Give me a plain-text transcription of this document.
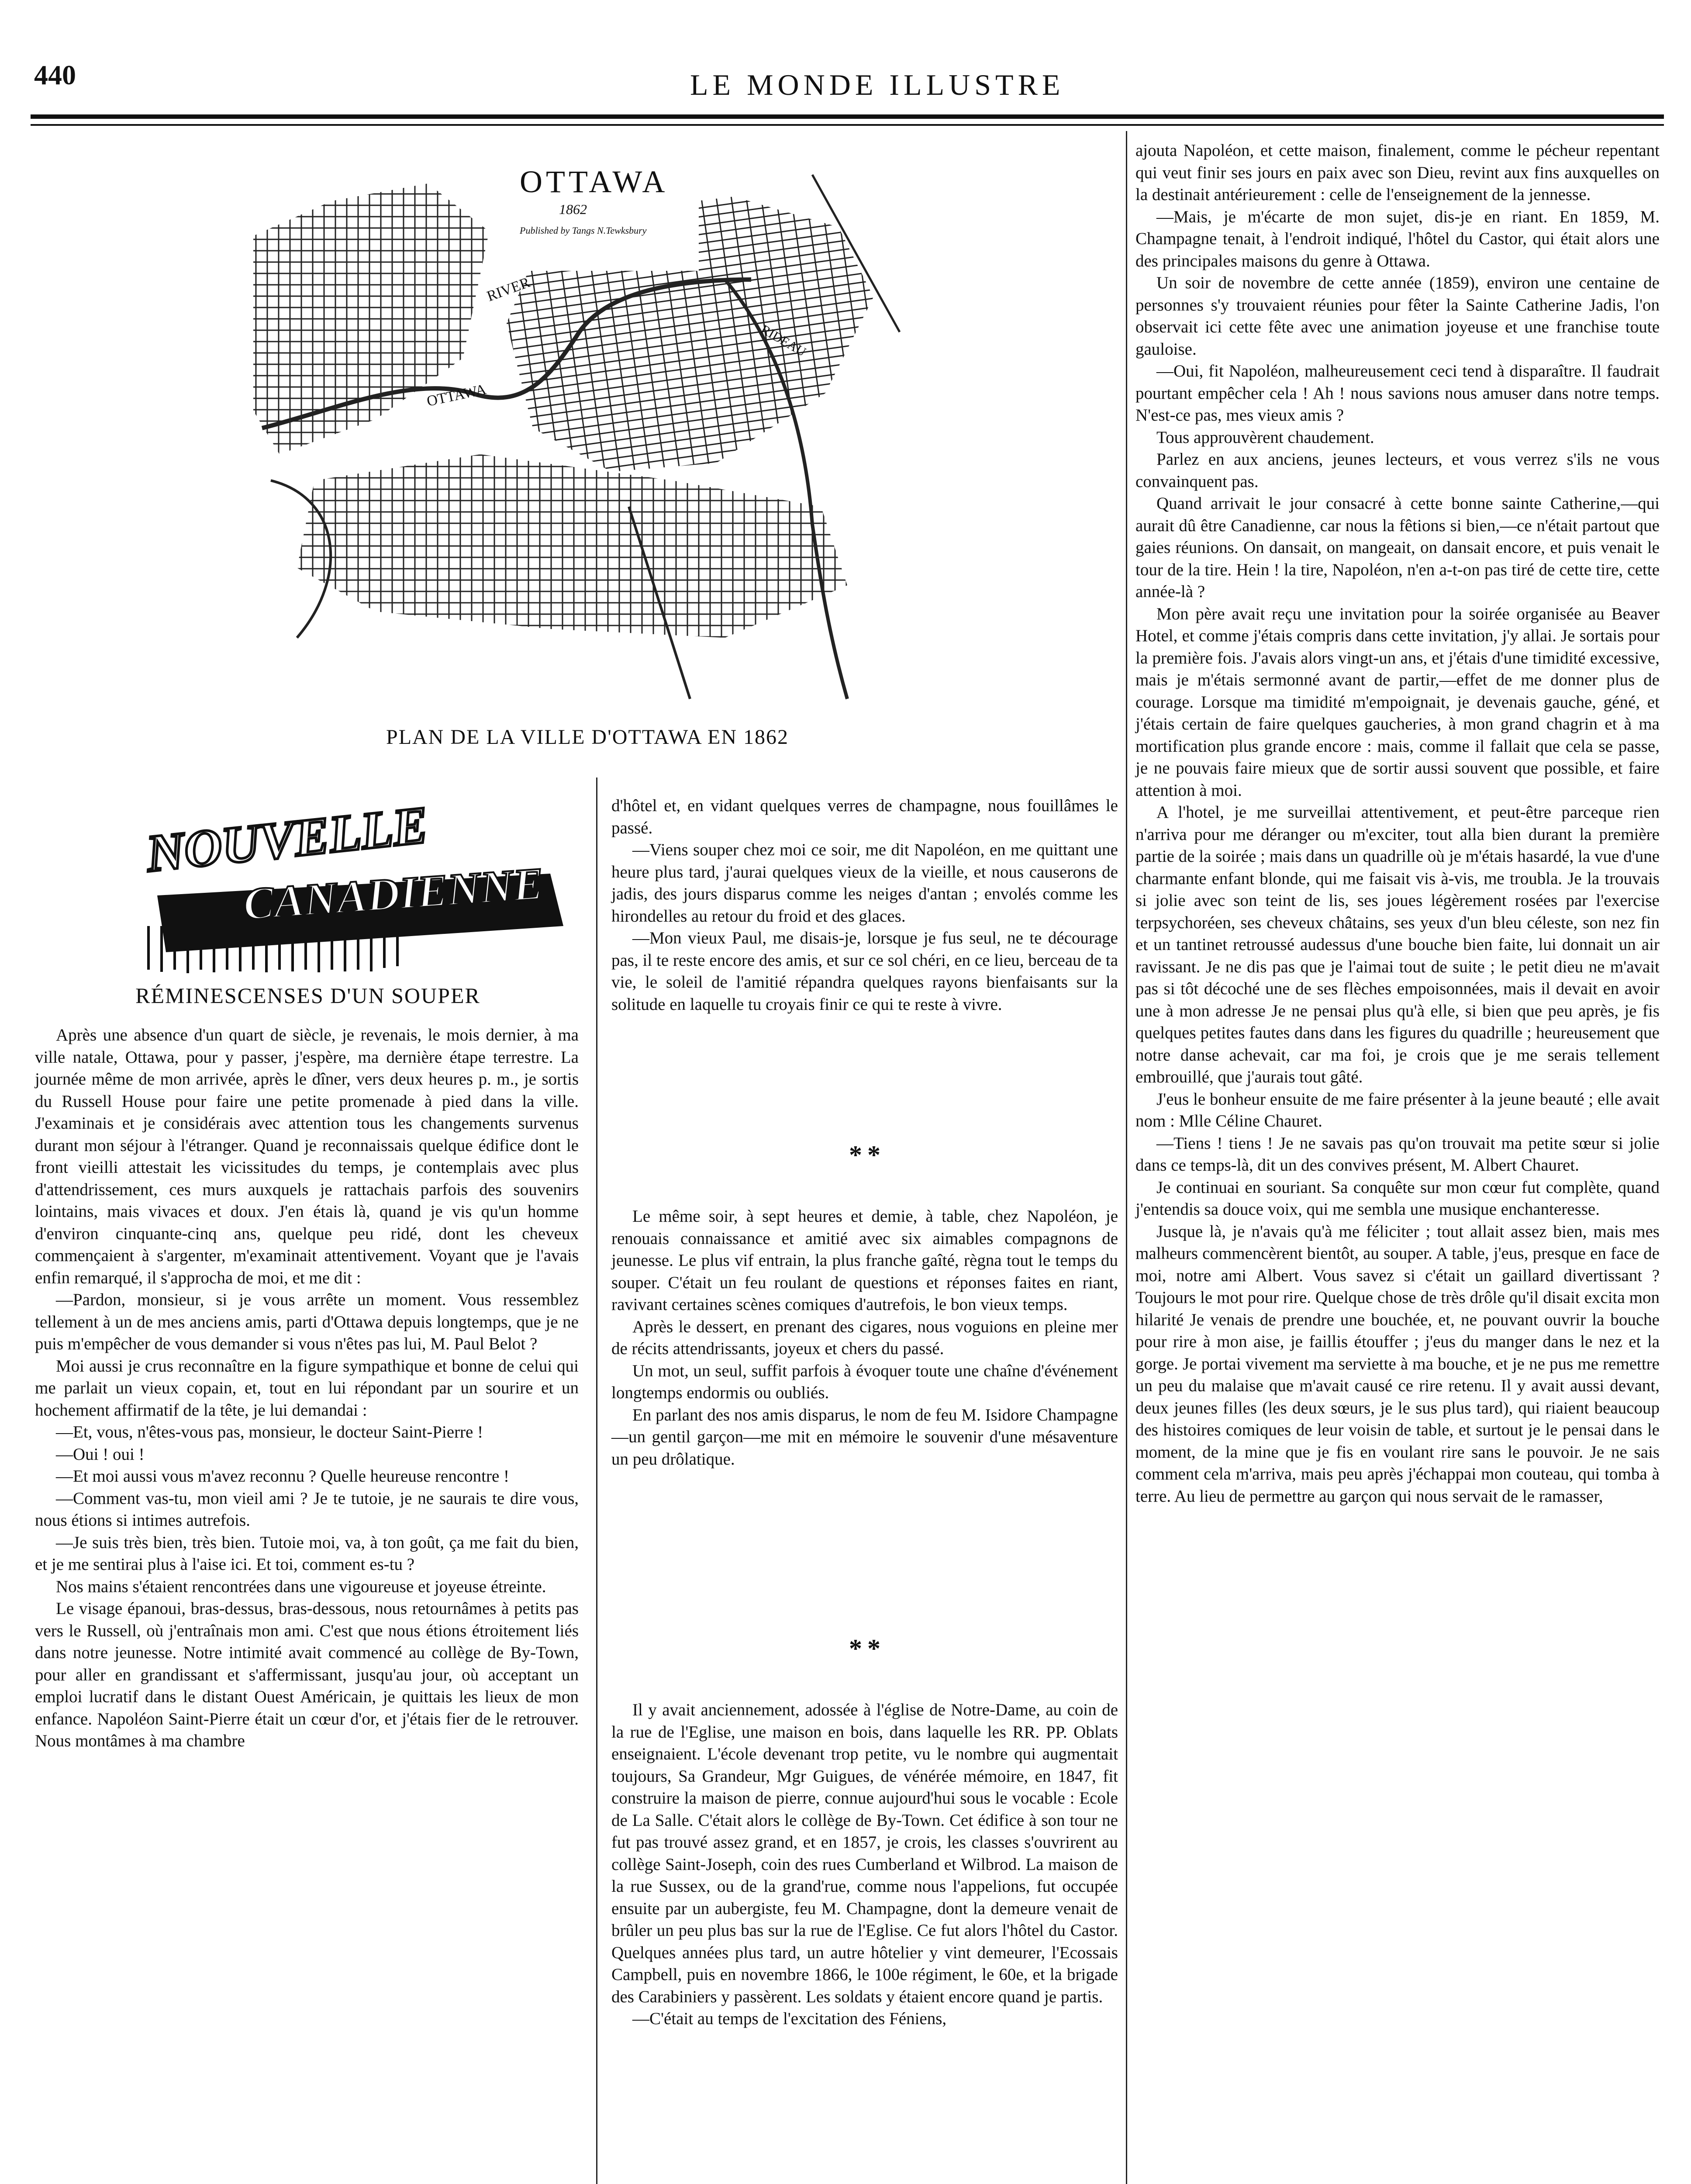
440	LE MONDE ILLUSTRE
OTTAWA
1862
Published by Tangs N.Tewksbury
RIVER
OTTAWA
RIDEAU
PLAN DE LA VILLE D'OTTAWA EN 1862
NOUVELLE
CANADIENNE
RÉMINESCENSES D'UN SOUPER

Après une absence d'un quart de siècle, je revenais, le mois dernier, à ma ville natale, Ottawa, pour y passer, j'espère, ma dernière étape terrestre. La journée même de mon arrivée, après le dîner, vers deux heures p. m., je sortis du Russell House pour faire une petite promenade à pied dans la ville. J'examinais et je considérais avec attention tous les changements survenus durant mon séjour à l'étranger. Quand je reconnaissais quelque édifice dont le front vieilli attestait les vicissitudes du temps, je contemplais avec plus d'attendrissement, ces murs auxquels je rattachais parfois des souvenirs lointains, mais vivaces et doux. J'en étais là, quand je vis qu'un homme d'environ cinquante-cinq ans, quelque peu ridé, dont les cheveux commençaient à s'argenter, m'examinait attentivement. Voyant que je l'avais enfin remarqué, il s'approcha de moi, et me dit :

—Pardon, monsieur, si je vous arrête un moment. Vous ressemblez tellement à un de mes anciens amis, parti d'Ottawa depuis longtemps, que je ne puis m'empêcher de vous demander si vous n'êtes pas lui, M. Paul Belot ?

Moi aussi je crus reconnaître en la figure sympathique et bonne de celui qui me parlait un vieux copain, et, tout en lui répondant par un sourire et un hochement affirmatif de la tête, je lui demandai :

—Et, vous, n'êtes-vous pas, monsieur, le docteur Saint-Pierre !

—Oui ! oui !

—Et moi aussi vous m'avez reconnu ? Quelle heureuse rencontre !

—Comment vas-tu, mon vieil ami ? Je te tutoie, je ne saurais te dire vous, nous étions si intimes autrefois.

—Je suis très bien, très bien. Tutoie moi, va, à ton goût, ça me fait du bien, et je me sentirai plus à l'aise ici. Et toi, comment es-tu ?

Nos mains s'étaient rencontrées dans une vigoureuse et joyeuse étreinte.

Le visage épanoui, bras-dessus, bras-dessous, nous retournâmes à petits pas vers le Russell, où j'entraînais mon ami. C'est que nous étions étroitement liés dans notre jeunesse. Notre intimité avait commencé au collège de By-Town, pour aller en grandissant et s'affermissant, jusqu'au jour, où acceptant un emploi lucratif dans le distant Ouest Américain, je quittais les lieux de mon enfance. Napoléon Saint-Pierre était un cœur d'or, et j'étais fier de le retrouver. Nous montâmes à ma chambre

d'hôtel et, en vidant quelques verres de champagne, nous fouillâmes le passé.

—Viens souper chez moi ce soir, me dit Napoléon, en me quittant une heure plus tard, j'aurai quelques vieux de la vieille, et nous causerons de jadis, des jours disparus comme les neiges d'antan ; envolés comme les hirondelles au retour du froid et des glaces.

—Mon vieux Paul, me disais-je, lorsque je fus seul, ne te décourage pas, il te reste encore des amis, et sur ce sol chéri, en ce lieu, berceau de ta vie, le soleil de l'amitié répandra quelques rayons bienfaisants sur la solitude en laquelle tu croyais finir ce qui te reste à vivre.

* *

Le même soir, à sept heures et demie, à table, chez Napoléon, je renouais connaissance et amitié avec six aimables compagnons de jeunesse. Le plus vif entrain, la plus franche gaîté, règna tout le temps du souper. C'était un feu roulant de questions et réponses faites en riant, ravivant certaines scènes comiques d'autrefois, le bon vieux temps.

Après le dessert, en prenant des cigares, nous voguions en pleine mer de récits attendrissants, joyeux et chers du passé.

Un mot, un seul, suffit parfois à évoquer toute une chaîne d'événement longtemps endormis ou oubliés.

En parlant des nos amis disparus, le nom de feu M. Isidore Champagne—un gentil garçon—me mit en mémoire le souvenir d'une mésaventure un peu drôlatique.

* *

Il y avait anciennement, adossée à l'église de Notre-Dame, au coin de la rue de l'Eglise, une maison en bois, dans laquelle les RR. PP. Oblats enseignaient. L'école devenant trop petite, vu le nombre qui augmentait toujours, Sa Grandeur, Mgr Guigues, de vénérée mémoire, en 1847, fit construire la maison de pierre, connue aujourd'hui sous le vocable : Ecole de La Salle. C'était alors le collège de By-Town. Cet édifice à son tour ne fut pas trouvé assez grand, et en 1857, je crois, les classes s'ouvrirent au collège Saint-Joseph, coin des rues Cumberland et Wilbrod. La maison de la rue Sussex, ou de la grand'rue, comme nous l'appelions, fut occupée ensuite par un aubergiste, feu M. Champagne, dont la demeure venait de brûler un peu plus bas sur la rue de l'Eglise. Ce fut alors l'hôtel du Castor. Quelques années plus tard, un autre hôtelier y vint demeurer, l'Ecossais Campbell, puis en novembre 1866, le 100e régiment, le 60e, et la brigade des Carabiniers y passèrent. Les soldats y étaient encore quand je partis.

—C'était au temps de l'excitation des Féniens,

ajouta Napoléon, et cette maison, finalement, comme le pécheur repentant qui veut finir ses jours en paix avec son Dieu, revint aux fins auxquelles on la destinait antérieurement : celle de l'enseignement de la jennesse.

—Mais, je m'écarte de mon sujet, dis-je en riant. En 1859, M. Champagne tenait, à l'endroit indiqué, l'hôtel du Castor, qui était alors une des principales maisons du genre à Ottawa.

Un soir de novembre de cette année (1859), environ une centaine de personnes s'y trouvaient réunies pour fêter la Sainte Catherine Jadis, l'on observait ici cette fête avec une animation joyeuse et une franchise toute gauloise.

—Oui, fit Napoléon, malheureusement ceci tend à disparaître. Il faudrait pourtant empêcher cela ! Ah ! nous savions nous amuser dans notre temps. N'est-ce pas, mes vieux amis ?

Tous approuvèrent chaudement.

Parlez en aux anciens, jeunes lecteurs, et vous verrez s'ils ne vous convainquent pas.

Quand arrivait le jour consacré à cette bonne sainte Catherine,—qui aurait dû être Canadienne, car nous la fêtions si bien,—ce n'était partout que gaies réunions. On dansait, on mangeait, on dansait encore, et puis venait le tour de la tire. Hein ! la tire, Napoléon, n'en a-t-on pas tiré de cette tire, cette année-là ?

Mon père avait reçu une invitation pour la soirée organisée au Beaver Hotel, et comme j'étais compris dans cette invitation, j'y allai. Je sortais pour la première fois. J'avais alors vingt-un ans, et j'étais d'une timidité excessive, mais je m'étais sermonné avant de partir,—effet de me donner plus de courage. Lorsque ma timidité m'empoignait, je devenais gauche, géné, et j'étais certain de faire quelques gaucheries, à mon grand chagrin et à ma mortification plus grande encore : mais, comme il fallait que cela se passe, je ne pouvais faire mieux que de sortir aussi souvent que possible, et faire attention à moi.

A l'hotel, je me surveillai attentivement, et peut-être parceque rien n'arriva pour me déranger ou m'exciter, tout alla bien durant la première partie de la soirée ; mais dans un quadrille où je m'étais hasardé, la vue d'une charmante enfant blonde, qui me faisait vis à-vis, me troubla. Je la trouvais si jolie avec son teint de lis, ses joues légèrement rosées par l'exercise terpsychoréen, ses cheveux châtains, ses yeux d'un bleu céleste, son nez fin et un tantinet retroussé audessus d'une bouche bien faite, lui donnait un air ravissant. Je ne dis pas que je l'aimai tout de suite ; le petit dieu ne m'avait pas si tôt décoché une de ses flèches empoisonnées, mais il devait en avoir une à mon adresse Je ne pensai plus qu'à elle, si bien que peu après, je fis quelques petites fautes dans dans les figures du quadrille ; heureusement que notre danse achevait, car ma foi, je crois que je me serais tellement embrouillé, que j'aurais tout gâté.

J'eus le bonheur ensuite de me faire présenter à la jeune beauté ; elle avait nom : Mlle Céline Chauret.

—Tiens ! tiens ! Je ne savais pas qu'on trouvait ma petite sœur si jolie dans ce temps-là, dit un des convives présent, M. Albert Chauret.

Je continuai en souriant. Sa conquête sur mon cœur fut complète, quand j'entendis sa douce voix, qui me sembla une musique enchanteresse.

Jusque là, je n'avais qu'à me féliciter ; tout allait assez bien, mais mes malheurs commencèrent bientôt, au souper. A table, j'eus, presque en face de moi, notre ami Albert. Vous savez si c'était un gaillard divertissant ? Toujours le mot pour rire. Quelque chose de très drôle qu'il disait excita mon hilarité Je venais de prendre une bouchée, et, ne pouvant ouvrir la bouche pour rire à mon aise, je faillis étouffer ; j'eus du manger dans le nez et la gorge. Je portai vivement ma serviette à ma bouche, et je ne pus me remettre un peu du malaise que m'avait causé ce rire retenu. Il y avait aussi devant, deux jeunes filles (les deux sœurs, je le sus plus tard), qui riaient beaucoup des histoires comiques de leur voisin de table, et surtout je le pensai dans le moment, de la mine que je fis en voulant rire sans le pouvoir. Je ne sais comment cela m'arriva, mais peu après j'échappai mon couteau, qui tomba à terre. Au lieu de permettre au garçon qui nous servait de le ramasser,
